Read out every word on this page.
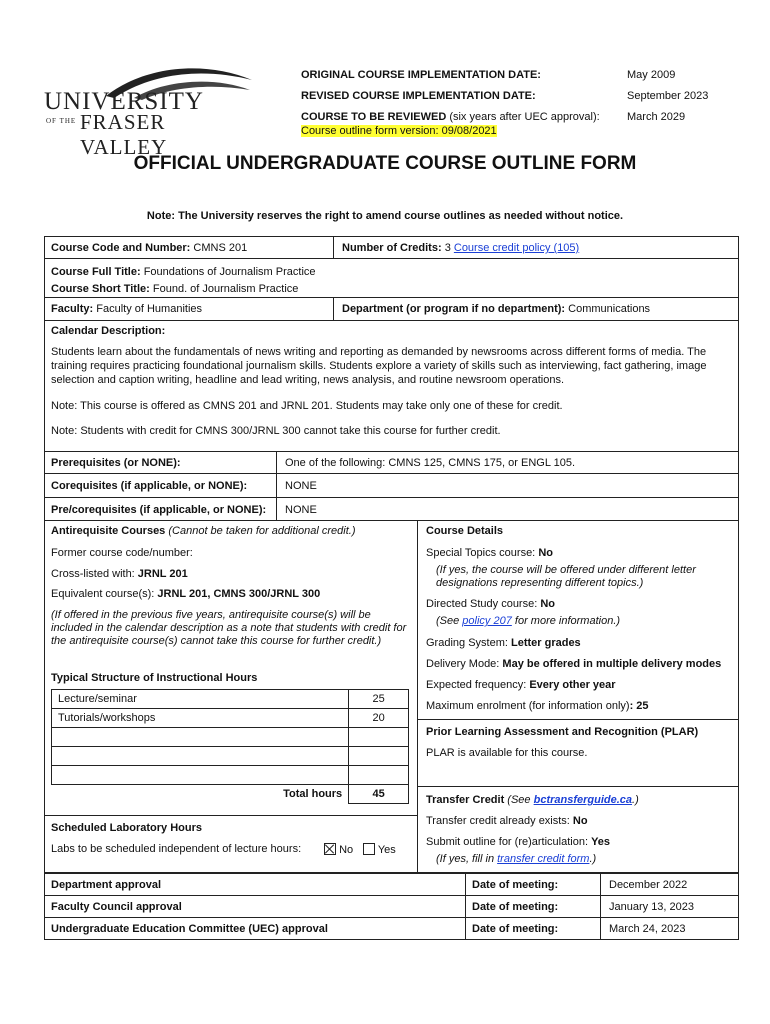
UNIVERSITY
OF THE FRASER VALLEY
ORIGINAL COURSE IMPLEMENTATION DATE:	May 2009
REVISED COURSE IMPLEMENTATION DATE:	September 2023
COURSE TO BE REVIEWED (six years after UEC approval): March 2029
Course outline form version: 09/08/2021
OFFICIAL UNDERGRADUATE COURSE OUTLINE FORM
Note: The University reserves the right to amend course outlines as needed without notice.
Course Code and Number: CMNS 201	Number of Credits: 3 Course credit policy (105)
Course Full Title: Foundations of Journalism Practice
Course Short Title: Found. of Journalism Practice
Faculty: Faculty of Humanities	Department (or program if no department): Communications
Calendar Description:
Students learn about the fundamentals of news writing and reporting as demanded by newsrooms across different forms of media. The training requires practicing foundational journalism skills. Students explore a variety of skills such as interviewing, fact gathering, image selection and caption writing, headline and lead writing, news analysis, and routine newsroom operations.
Note: This course is offered as CMNS 201 and JRNL 201. Students may take only one of these for credit.
Note: Students with credit for CMNS 300/JRNL 300 cannot take this course for further credit.
Prerequisites (or NONE):	One of the following: CMNS 125, CMNS 175, or ENGL 105.
Corequisites (if applicable, or NONE):	NONE
Pre/corequisites (if applicable, or NONE):	NONE
Antirequisite Courses (Cannot be taken for additional credit.)
Former course code/number:
Cross-listed with: JRNL 201
Equivalent course(s): JRNL 201, CMNS 300/JRNL 300
(If offered in the previous five years, antirequisite course(s) will be included in the calendar description as a note that students with credit for the antirequisite course(s) cannot take this course for further credit.)
Typical Structure of Instructional Hours
Lecture/seminar	25
Tutorials/workshops	20

Total hours	45
Scheduled Laboratory Hours
Labs to be scheduled independent of lecture hours:	No	Yes
Course Details
Special Topics course: No
(If yes, the course will be offered under different letter designations representing different topics.)
Directed Study course: No
(See policy 207 for more information.)
Grading System: Letter grades
Delivery Mode: May be offered in multiple delivery modes
Expected frequency: Every other year
Maximum enrolment (for information only): 25
Prior Learning Assessment and Recognition (PLAR)
PLAR is available for this course.
Transfer Credit (See bctransferguide.ca.)
Transfer credit already exists: No
Submit outline for (re)articulation: Yes
(If yes, fill in transfer credit form.)
Department approval	Date of meeting:	December 2022
Faculty Council approval	Date of meeting:	January 13, 2023
Undergraduate Education Committee (UEC) approval	Date of meeting:	March 24, 2023
